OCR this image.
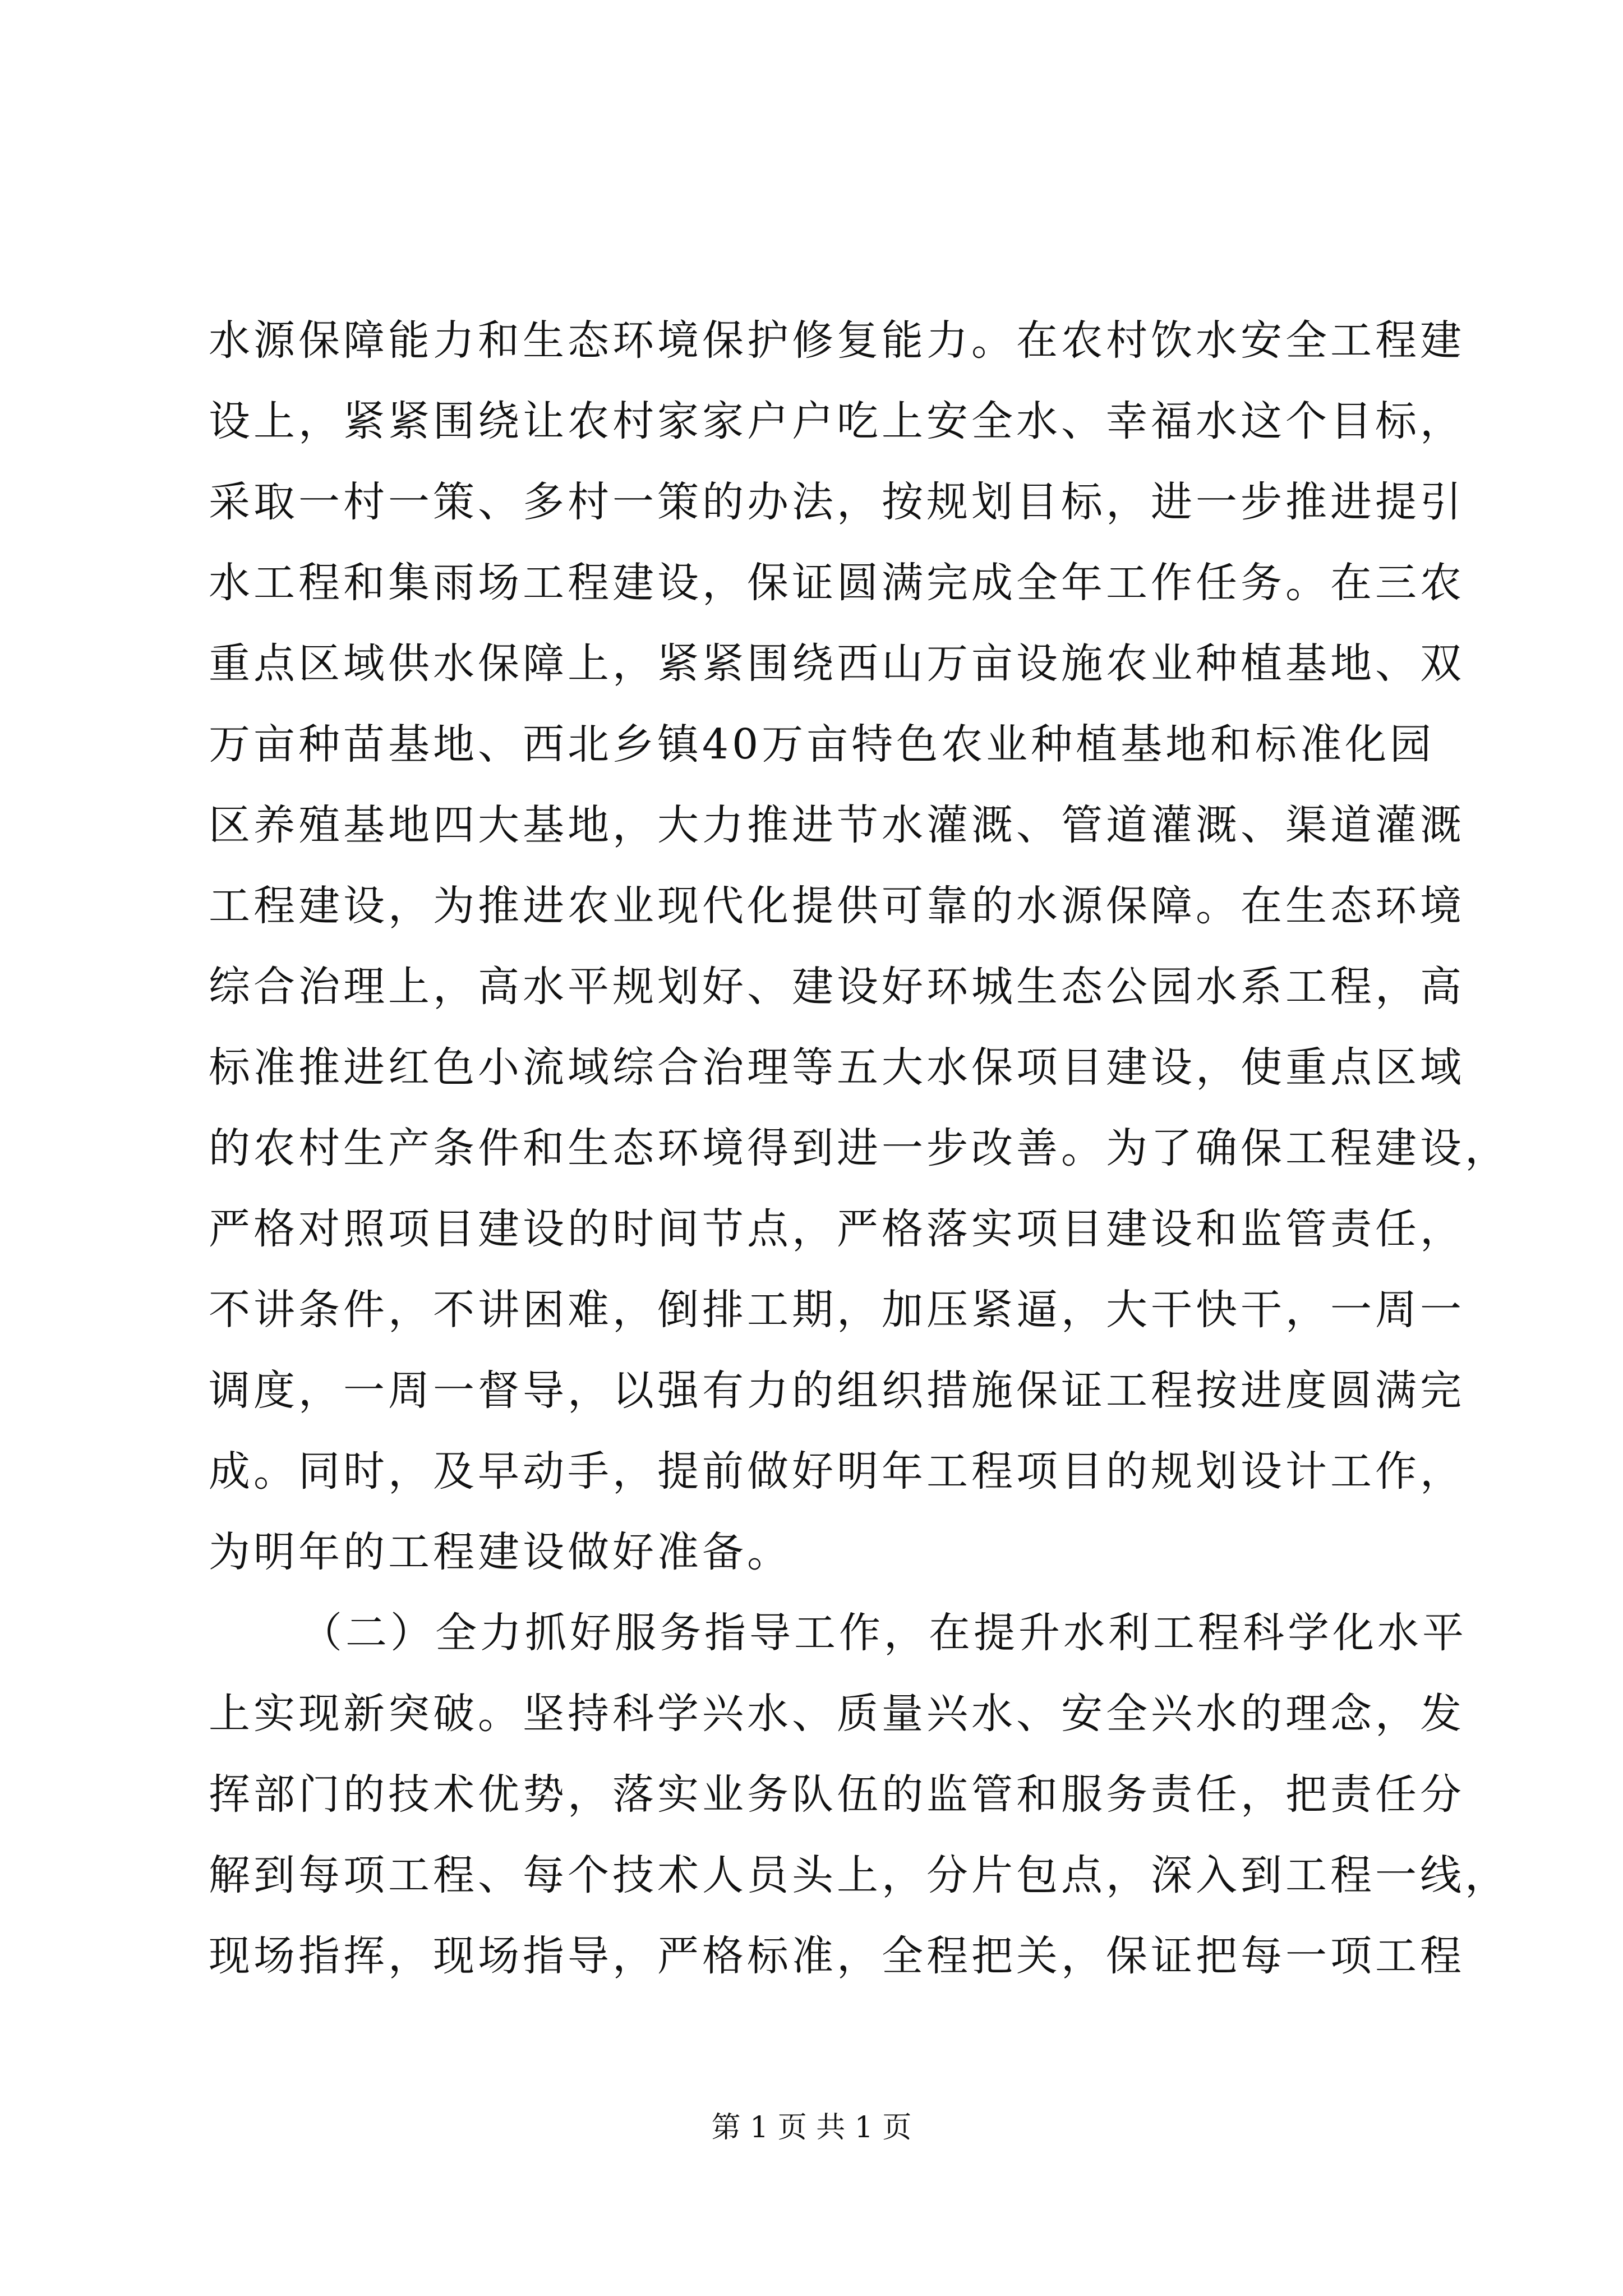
水源保障能力和生态环境保护修复能力。在农村饮水安全工程建
设上，紧紧围绕让农村家家户户吃上安全水、幸福水这个目标，
采取一村一策、多村一策的办法，按规划目标，进一步推进提引
水工程和集雨场工程建设，保证圆满完成全年工作任务。在三农
重点区域供水保障上，紧紧围绕西山万亩设施农业种植基地、双
万亩种苗基地、西北乡镇40万亩特色农业种植基地和标准化园
区养殖基地四大基地，大力推进节水灌溉、管道灌溉、渠道灌溉
工程建设，为推进农业现代化提供可靠的水源保障。在生态环境
综合治理上，高水平规划好、建设好环城生态公园水系工程，高
标准推进红色小流域综合治理等五大水保项目建设，使重点区域
的农村生产条件和生态环境得到进一步改善。为了确保工程建设，
严格对照项目建设的时间节点，严格落实项目建设和监管责任，
不讲条件，不讲困难，倒排工期，加压紧逼，大干快干，一周一
调度，一周一督导，以强有力的组织措施保证工程按进度圆满完
成。同时，及早动手，提前做好明年工程项目的规划设计工作，
为明年的工程建设做好准备。
（二）全力抓好服务指导工作，在提升水利工程科学化水平
上实现新突破。坚持科学兴水、质量兴水、安全兴水的理念，发
挥部门的技术优势，落实业务队伍的监管和服务责任，把责任分
解到每项工程、每个技术人员头上，分片包点，深入到工程一线，
现场指挥，现场指导，严格标准，全程把关，保证把每一项工程
第 1 页 共 1 页
